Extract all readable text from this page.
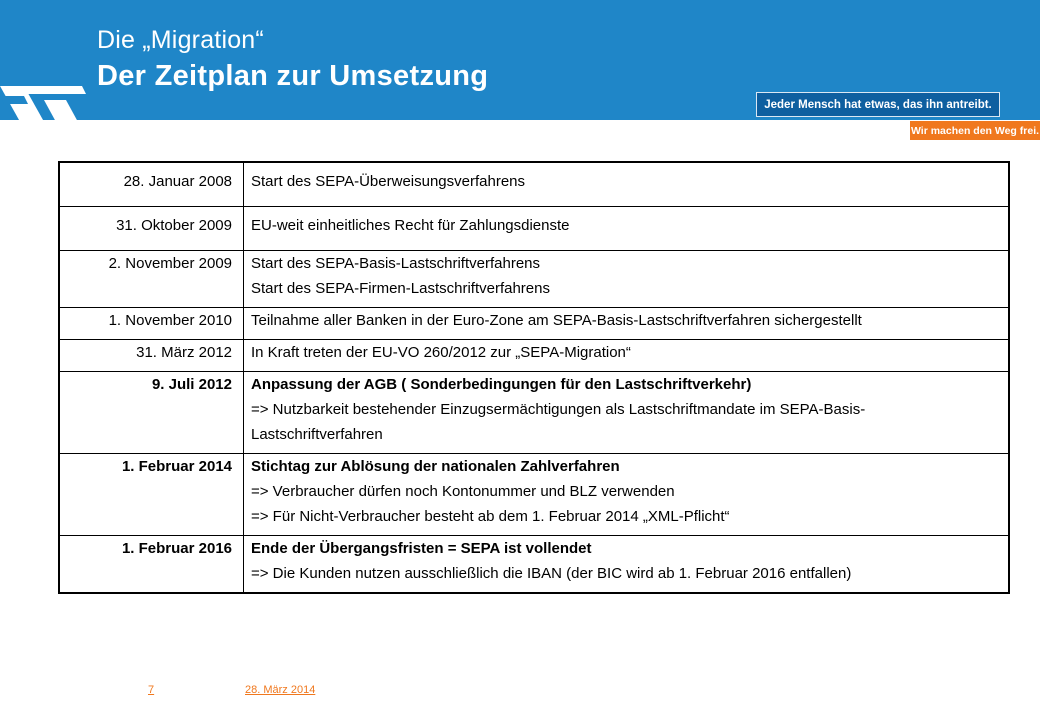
Die „Migration“
Der Zeitplan zur Umsetzung
Jeder Mensch hat etwas, das ihn antreibt.
Wir machen den Weg frei.
28. Januar 2008	Start des SEPA-Überweisungsverfahrens

31. Oktober 2009	EU-weit einheitliches Recht für Zahlungsdienste

2. November 2009	Start des SEPA-Basis-Lastschriftverfahrens
Start des SEPA-Firmen-Lastschriftverfahrens

1. November 2010	Teilnahme aller Banken in der Euro-Zone am SEPA-Basis-Lastschriftverfahren sichergestellt

31. März 2012	In Kraft treten der EU-VO 260/2012 zur „SEPA-Migration“

9. Juli 2012	Anpassung der AGB ( Sonderbedingungen für den Lastschriftverkehr)
=> Nutzbarkeit bestehender Einzugsermächtigungen als Lastschriftmandate im SEPA-Basis-
Lastschriftverfahren

1. Februar 2014	Stichtag zur Ablösung der nationalen Zahlverfahren
=> Verbraucher dürfen noch Kontonummer und BLZ verwenden
=> Für Nicht-Verbraucher besteht ab dem 1. Februar 2014 „XML-Pflicht“

1. Februar 2016	Ende der Übergangsfristen = SEPA ist vollendet
=> Die Kunden nutzen ausschließlich die IBAN (der BIC wird ab 1. Februar 2016 entfallen)
7	28. März 2014
